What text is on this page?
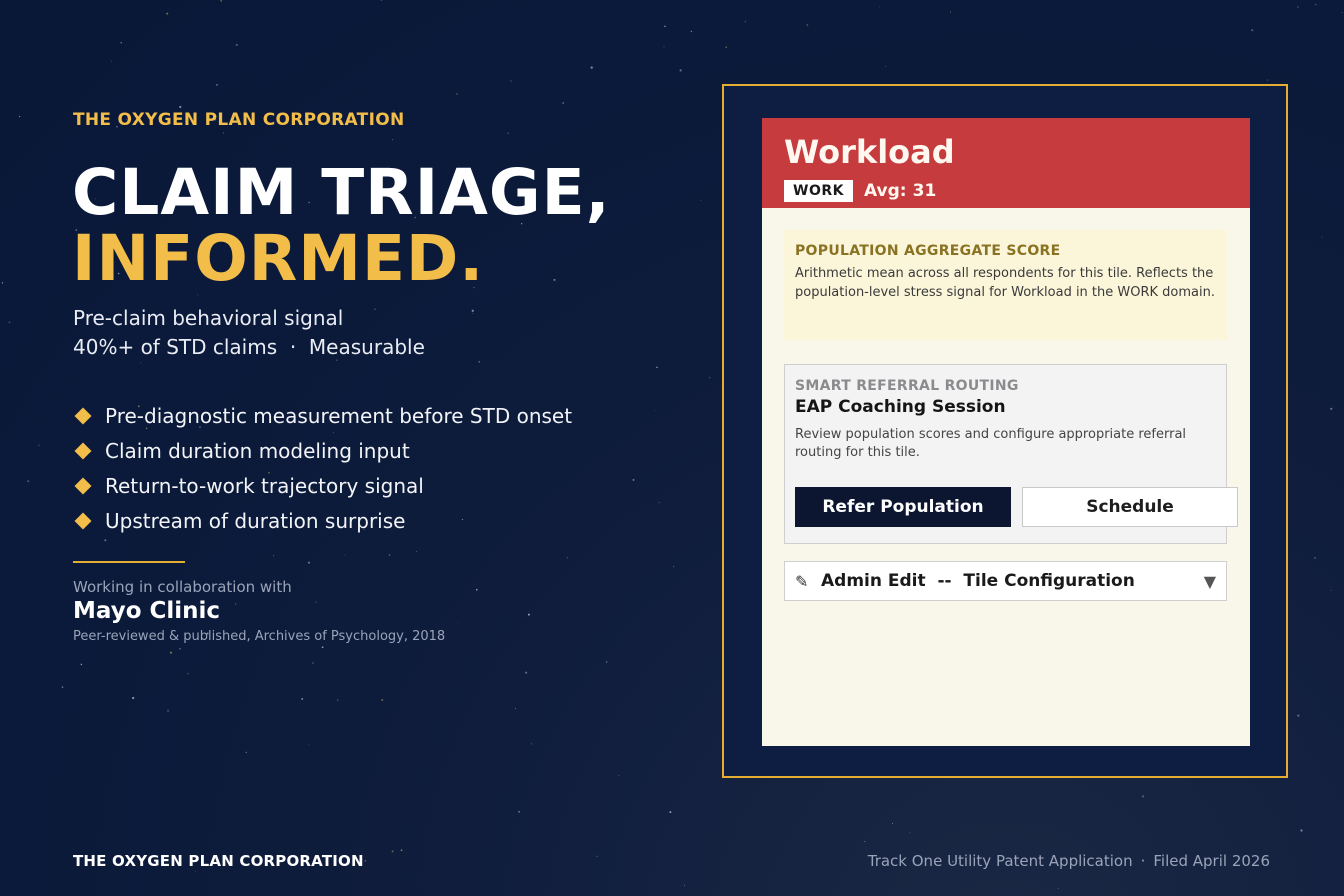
THE OXYGEN PLAN CORPORATION
CLAIM TRIAGE,
INFORMED.
Pre-claim behavioral signal
40%+ of STD claims  ·  Measurable
Pre-diagnostic measurement before STD onset
Claim duration modeling input
Return-to-work trajectory signal
Upstream of duration surprise
Working in collaboration with
Mayo Clinic
Peer-reviewed & published, Archives of Psychology, 2018
Workload
WORK	Avg: 31
POPULATION AGGREGATE SCORE
Arithmetic mean across all respondents for this tile. Reflects the population-level stress signal for Workload in the WORK domain.
SMART REFERRAL ROUTING
EAP Coaching Session
Review population scores and configure appropriate referral routing for this tile.
Refer Population	Schedule
✎ Admin Edit  --  Tile Configuration	▼
THE OXYGEN PLAN CORPORATION	Track One Utility Patent Application · Filed April 2026
